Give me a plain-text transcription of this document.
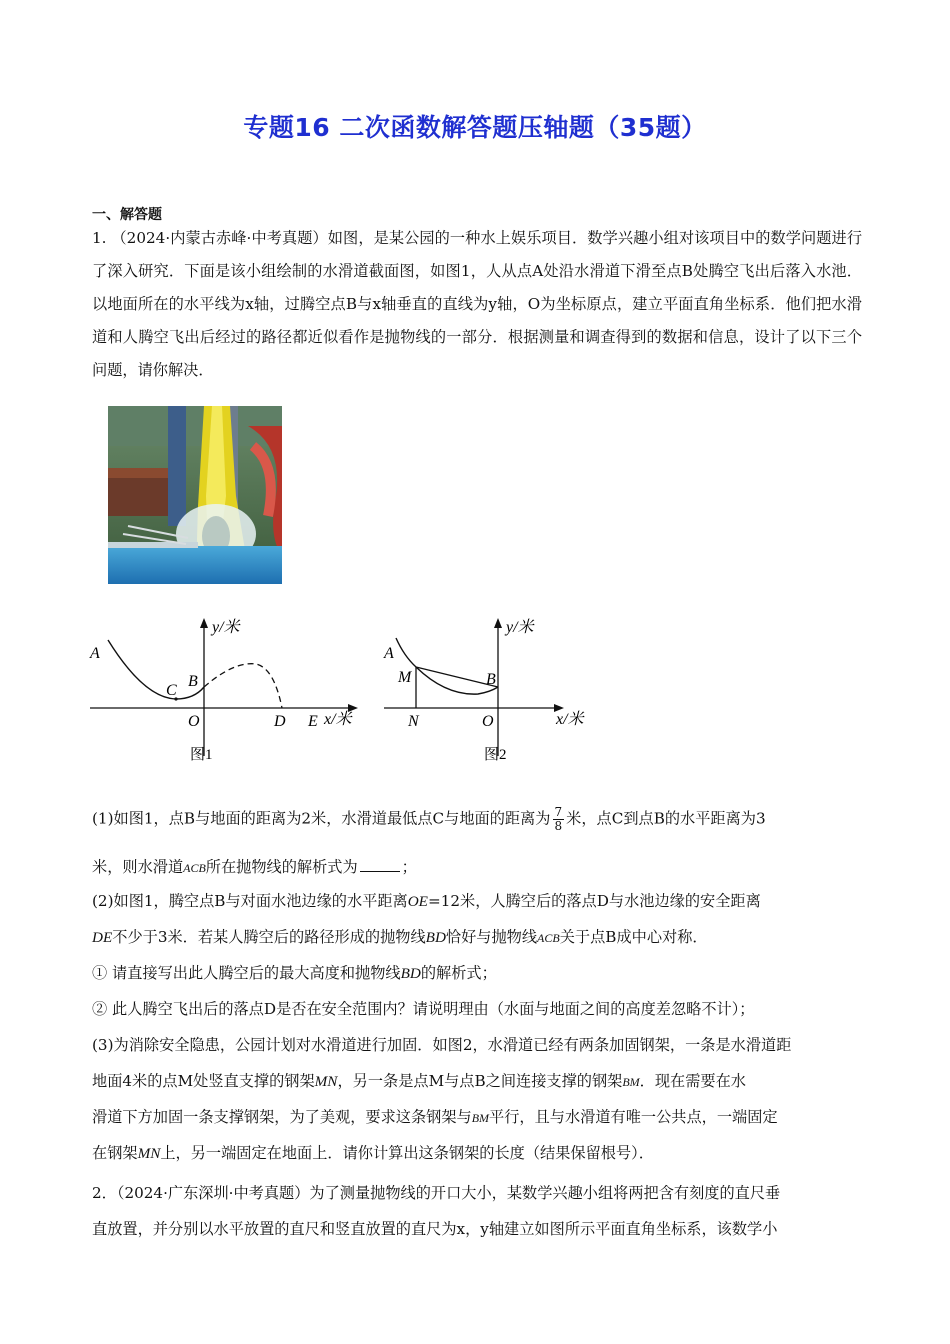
专题16 二次函数解答题压轴题（35题）
一、解答题
1. （2024·内蒙古赤峰·中考真题）如图，是某公园的一种水上娱乐项目．数学兴趣小组对该项目中的数学问题进行了深入研究．下面是该小组绘制的水滑道截面图，如图1，人从点A处沿水滑道下滑至点B处腾空飞出后落入水池．以地面所在的水平线为x轴，过腾空点B与x轴垂直的直线为y轴，O为坐标原点，建立平面直角坐标系．他们把水滑道和人腾空飞出后经过的路径都近似看作是抛物线的一部分．根据测量和调查得到的数据和信息，设计了以下三个问题，请你解决．
y/米
x/米
A
B
C
O	D E
图1
y/米
x/米
A
M	B
N	O
图2
(1)如图1，点B与地面的距离为2米，水滑道最低点C与地面的距离为 $\frac{7}{8}$ 米，点C到点B的水平距离为3
米，则水滑道ACB所在抛物线的解析式为	；
(2)如图1，腾空点B与对面水池边缘的水平距离OE=12米，人腾空后的落点D与水池边缘的安全距离
DE不少于3米．若某人腾空后的路径形成的抛物线BD恰好与抛物线ACB关于点B成中心对称．
① 请直接写出此人腾空后的最大高度和抛物线BD的解析式；
② 此人腾空飞出后的落点D是否在安全范围内？请说明理由（水面与地面之间的高度差忽略不计）；
(3)为消除安全隐患，公园计划对水滑道进行加固．如图2，水滑道已经有两条加固钢架，一条是水滑道距
地面4米的点M处竖直支撑的钢架MN，另一条是点M与点B之间连接支撑的钢架BM．现在需要在水
滑道下方加固一条支撑钢架，为了美观，要求这条钢架与BM平行，且与水滑道有唯一公共点，一端固定
在钢架MN上，另一端固定在地面上．请你计算出这条钢架的长度（结果保留根号）．
2．（2024·广东深圳·中考真题）为了测量抛物线的开口大小，某数学兴趣小组将两把含有刻度的直尺垂
直放置，并分别以水平放置的直尺和竖直放置的直尺为x，y轴建立如图所示平面直角坐标系，该数学小
